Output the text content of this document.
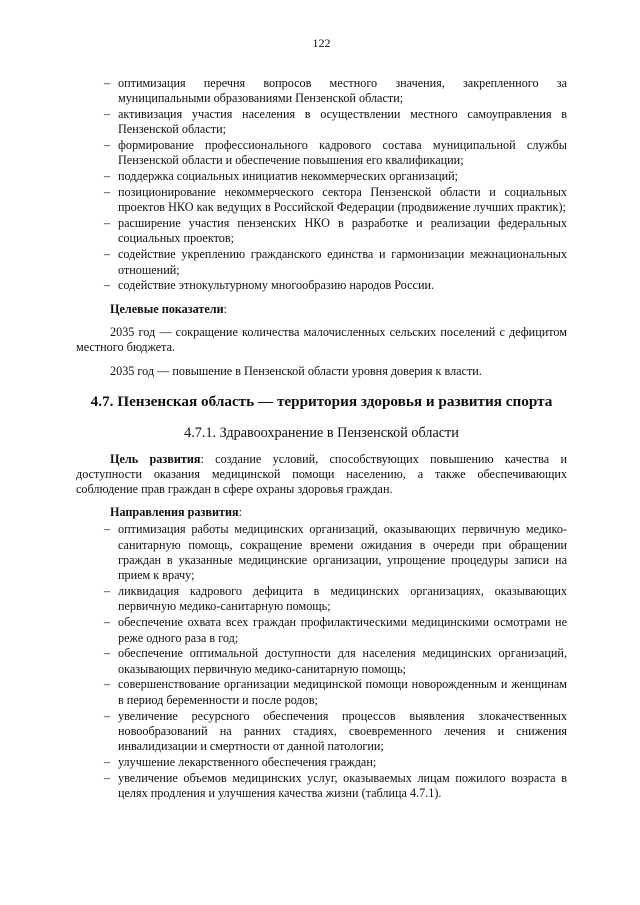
122
– оптимизация перечня вопросов местного значения, закрепленного за муниципальными образованиями Пензенской области;
– активизация участия населения в осуществлении местного самоуправления в Пензенской области;
– формирование профессионального кадрового состава муниципальной службы Пензенской области и обеспечение повышения его квалификации;
– поддержка социальных инициатив некоммерческих организаций;
– позиционирование некоммерческого сектора Пензенской области и социальных проектов НКО как ведущих в Российской Федерации (продвижение лучших практик);
– расширение участия пензенских НКО в разработке и реализации федеральных социальных проектов;
– содействие укреплению гражданского единства и гармонизации межнациональных отношений;
– содействие этнокультурному многообразию народов России.
Целевые показатели:

2035 год — сокращение количества малочисленных сельских поселений с дефицитом местного бюджета.

2035 год — повышение в Пензенской области уровня доверия к власти.

4.7. Пензенская область — территория здоровья и развития спорта
4.7.1. Здравоохранение в Пензенской области

Цель развития: создание условий, способствующих повышению качества и доступности оказания медицинской помощи населению, а также обеспечивающих соблюдение прав граждан в сфере охраны здоровья граждан.

Направления развития:
– оптимизация работы медицинских организаций, оказывающих первичную медико-санитарную помощь, сокращение времени ожидания в очереди при обращении граждан в указанные медицинские организации, упрощение процедуры записи на прием к врачу;
– ликвидация кадрового дефицита в медицинских организациях, оказывающих первичную медико-санитарную помощь;
– обеспечение охвата всех граждан профилактическими медицинскими осмотрами не реже одного раза в год;
– обеспечение оптимальной доступности для населения медицинских организаций, оказывающих первичную медико-санитарную помощь;
– совершенствование организации медицинской помощи новорожденным и женщинам в период беременности и после родов;
– увеличение ресурсного обеспечения процессов выявления злокачественных новообразований на ранних стадиях, своевременного лечения и снижения инвалидизации и смертности от данной патологии;
– улучшение лекарственного обеспечения граждан;
– увеличение объемов медицинских услуг, оказываемых лицам пожилого возраста в целях продления и улучшения качества жизни (таблица 4.7.1).
